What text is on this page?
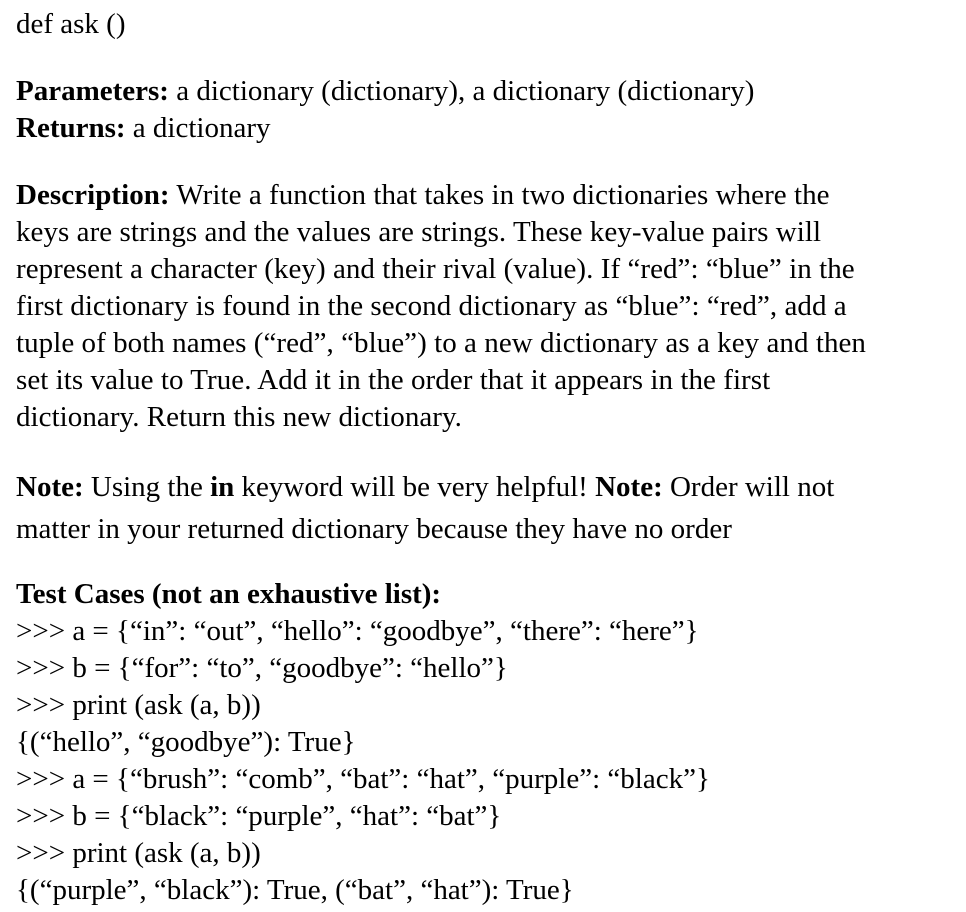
def ask ()
Parameters: a dictionary (dictionary), a dictionary (dictionary)
Returns: a dictionary
Description: Write a function that takes in two dictionaries where the
keys are strings and the values are strings. These key-value pairs will
represent a character (key) and their rival (value). If “red”: “blue” in the
first dictionary is found in the second dictionary as “blue”: “red”, add a
tuple of both names (“red”, “blue”) to a new dictionary as a key and then
set its value to True. Add it in the order that it appears in the first
dictionary. Return this new dictionary.
Note: Using the in keyword will be very helpful! Note: Order will not
matter in your returned dictionary because they have no order
Test Cases (not an exhaustive list):
>>> a = {“in”: “out”, “hello”: “goodbye”, “there”: “here”}
>>> b = {“for”: “to”, “goodbye”: “hello”}
>>> print (ask (a, b))
{(“hello”, “goodbye”): True}
>>> a = {“brush”: “comb”, “bat”: “hat”, “purple”: “black”}
>>> b = {“black”: “purple”, “hat”: “bat”}
>>> print (ask (a, b))
{(“purple”, “black”): True, (“bat”, “hat”): True}
